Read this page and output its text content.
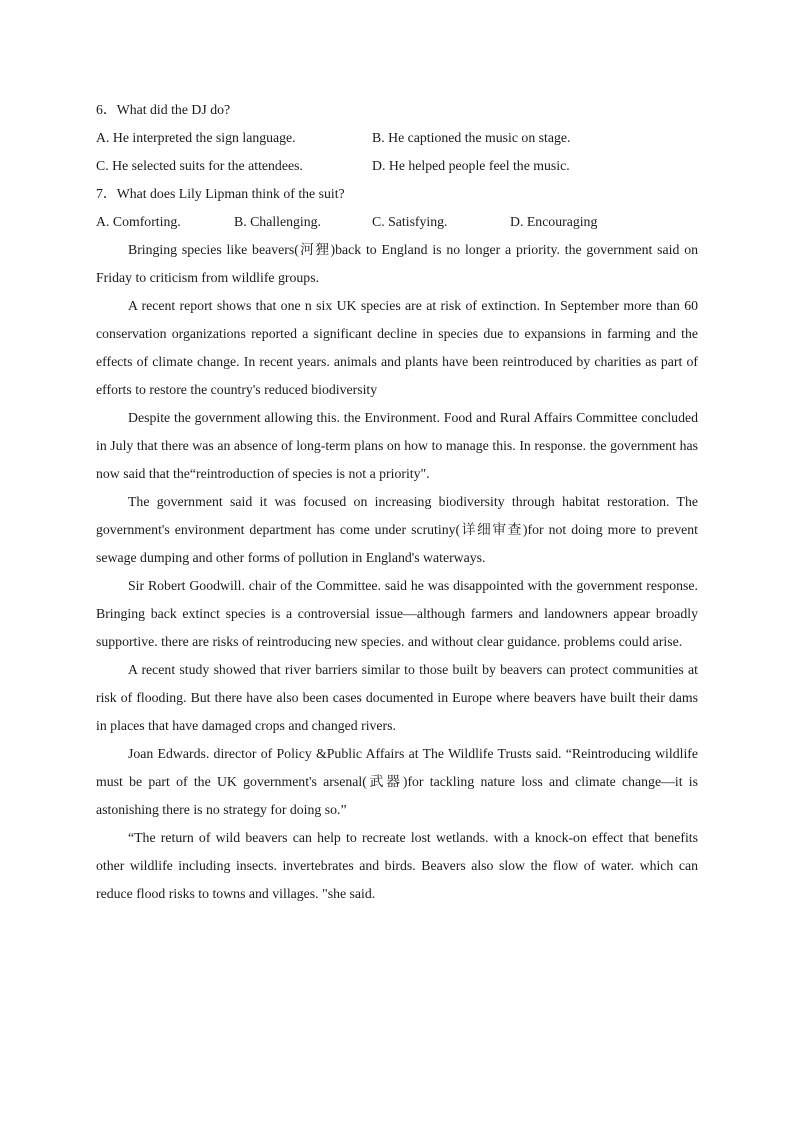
6．What did the DJ do?

A. He interpreted the sign language.	B. He captioned the music on stage.
C. He selected suits for the attendees.	D. He helped people feel the music.

7．What does Lily Lipman think of the suit?

A. Comforting.	B. Challenging.	C. Satisfying.	D. Encouraging

Bringing species like beavers(河狸)back to England is no longer a priority. the government said on Friday to criticism from wildlife groups.

A recent report shows that one n six UK species are at risk of extinction. In September more than 60 conservation organizations reported a significant decline in species due to expansions in farming and the effects of climate change. In recent years. animals and plants have been reintroduced by charities as part of efforts to restore the country's reduced biodiversity

Despite the government allowing this. the Environment. Food and Rural Affairs Committee concluded in July that there was an absence of long-term plans on how to manage this. In response. the government has now said that the“reintroduction of species is not a priority".

The government said it was focused on increasing biodiversity through habitat restoration. The government's environment department has come under scrutiny(详细审查)for not doing more to prevent sewage dumping and other forms of pollution in England's waterways.

Sir Robert Goodwill. chair of the Committee. said he was disappointed with the government response. Bringing back extinct species is a controversial issue—although farmers and landowners appear broadly supportive. there are risks of reintroducing new species. and without clear guidance. problems could arise.

A recent study showed that river barriers similar to those built by beavers can protect communities at risk of flooding. But there have also been cases documented in Europe where beavers have built their dams in places that have damaged crops and changed rivers.

Joan Edwards. director of Policy &Public Affairs at The Wildlife Trusts said. “Reintroducing wildlife must be part of the UK government's arsenal(武器)for tackling nature loss and climate change—it is astonishing there is no strategy for doing so.”

“The return of wild beavers can help to recreate lost wetlands. with a knock-on effect that benefits other wildlife including insects. invertebrates and birds. Beavers also slow the flow of water. which can reduce flood risks to towns and villages. "she said.
